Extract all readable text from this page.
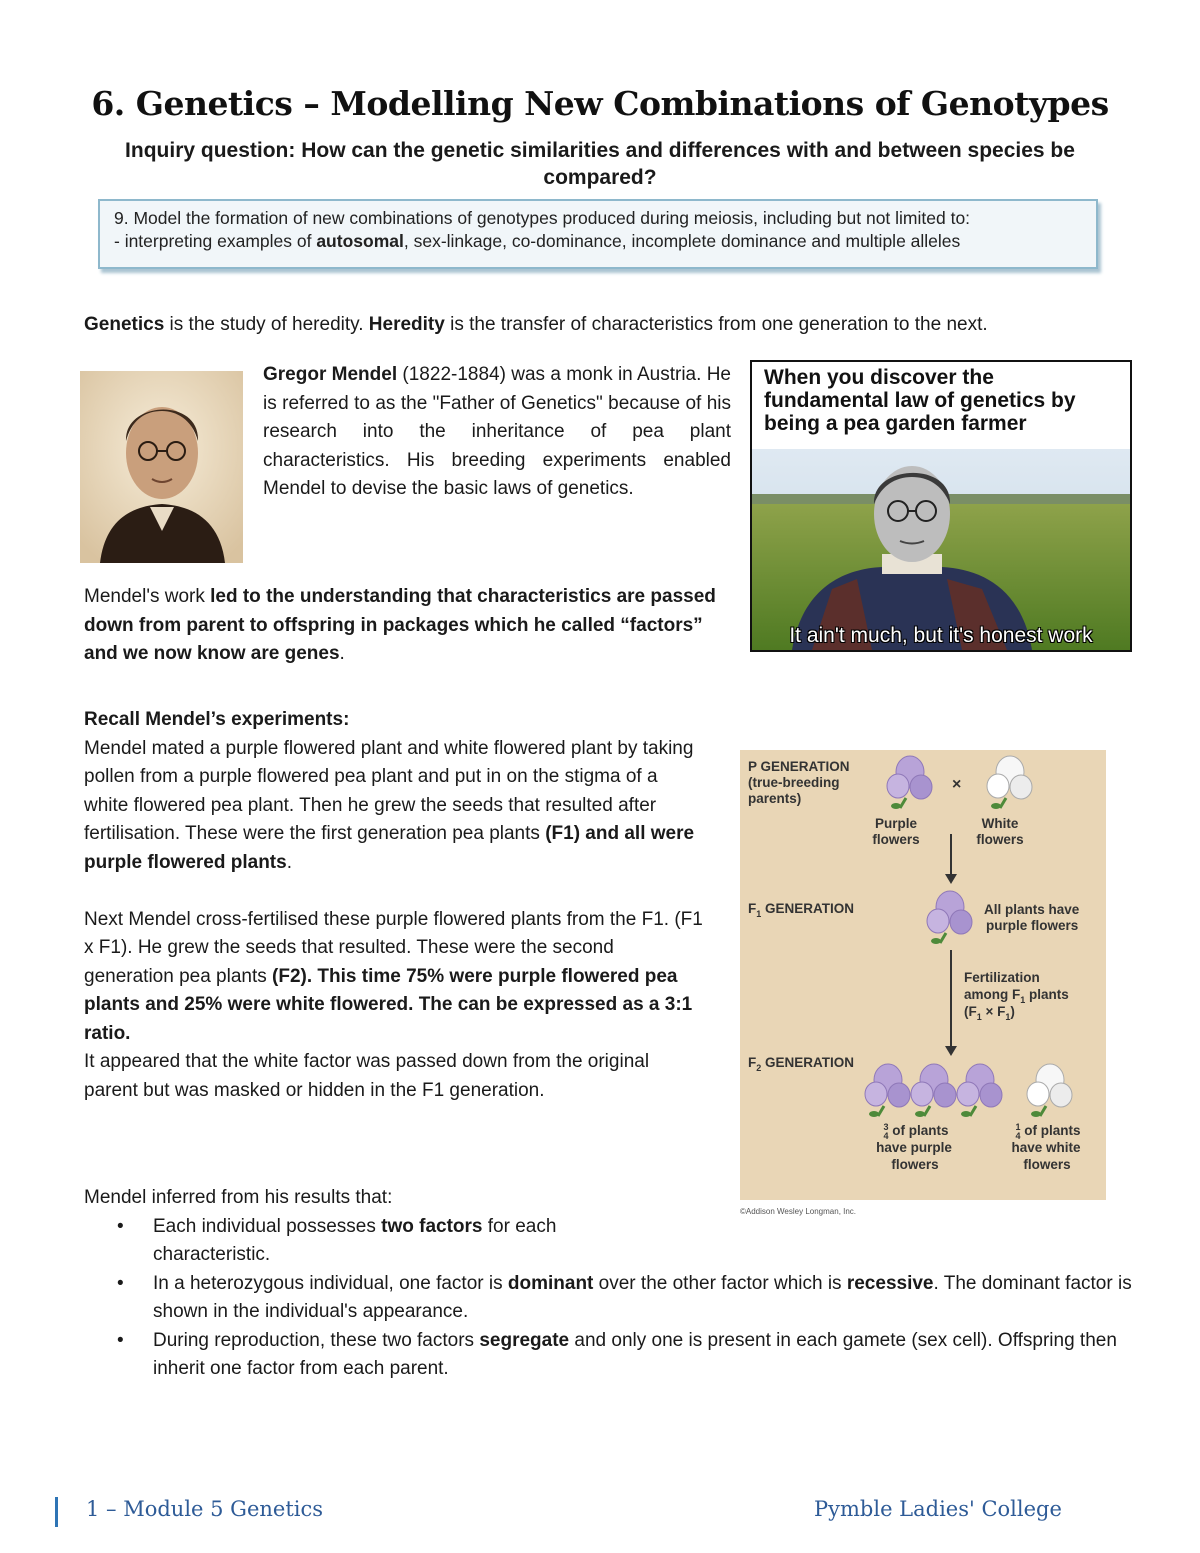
6. Genetics – Modelling New Combinations of Genotypes
Inquiry question: How can the genetic similarities and differences with and between species be compared?
9. Model the formation of new combinations of genotypes produced during meiosis, including but not limited to:
- interpreting examples of autosomal, sex-linkage, co-dominance, incomplete dominance and multiple alleles
Genetics is the study of heredity. Heredity is the transfer of characteristics from one generation to the next.
Gregor Mendel (1822-1884) was a monk in Austria. He is referred to as the "Father of Genetics" because of his research into the inheritance of pea plant characteristics. His breeding experiments enabled Mendel to devise the basic laws of genetics.
When you discover the fundamental law of genetics by being a pea garden farmer
It ain't much, but it's honest work
Mendel's work led to the understanding that characteristics are passed down from parent to offspring in packages which he called “factors” and we now know are genes.
Recall Mendel’s experiments:
Mendel mated a purple flowered plant and white flowered plant by taking pollen from a purple flowered pea plant and put in on the stigma of a white flowered pea plant. Then he grew the seeds that resulted after fertilisation. These were the first generation pea plants (F1) and all were purple flowered plants.
Next Mendel cross-fertilised these purple flowered plants from the F1. (F1 x F1). He grew the seeds that resulted. These were the second generation pea plants (F2). This time 75% were purple flowered pea plants and 25% were white flowered. The can be expressed as a 3:1 ratio.
It appeared that the white factor was passed down from the original parent but was masked or hidden in the F1 generation.
P GENERATION
(true-breeding
parents)
×
Purple
flowers
White
flowers
$F_1$ GENERATION	All plants have
purple flowers
Fertilization
among $F_1$ plants
$(F_1 \times F_1)$
$F_2$ GENERATION
$^3$ 4 of plants
have purple
flowers
$^1$ 4 of plants
have white
flowers
©Addison Wesley Longman, Inc.
Mendel inferred from his results that:
• Each individual possesses two factors for each characteristic.
• In a heterozygous individual, one factor is dominant over the other factor which is recessive. The dominant factor is shown in the individual's appearance.
• During reproduction, these two factors segregate and only one is present in each gamete (sex cell). Offspring then inherit one factor from each parent.
1 – Module 5 Genetics	Pymble Ladies' College
